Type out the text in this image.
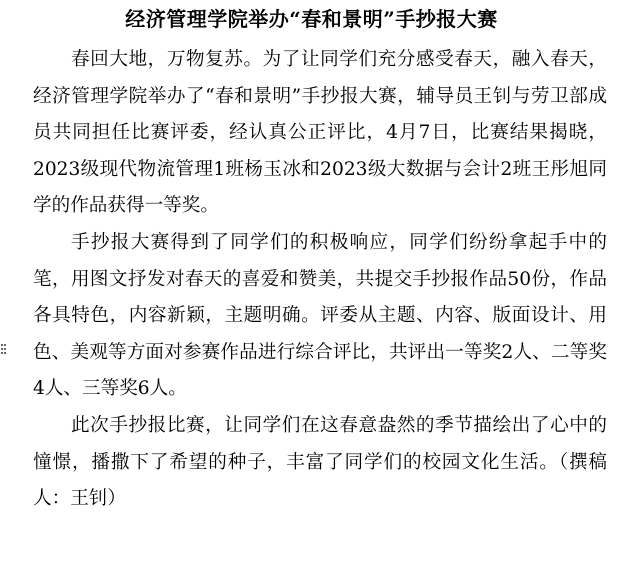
经济管理学院举办“春和景明”手抄报大赛

春回大地，万物复苏。为了让同学们充分感受春天，融入春天，经济管理学院举办了“春和景明”手抄报大赛，辅导员王钊与劳卫部成员共同担任比赛评委，经认真公正评比，4月7日，比赛结果揭晓，2023级现代物流管理1班杨玉冰和2023级大数据与会计2班王彤旭同学的作品获得一等奖。

手抄报大赛得到了同学们的积极响应，同学们纷纷拿起手中的笔，用图文抒发对春天的喜爱和赞美，共提交手抄报作品50份，作品各具特色，内容新颖，主题明确。评委从主题、内容、版面设计、用色、美观等方面对参赛作品进行综合评比，共评出一等奖2人、二等奖4人、三等奖6人。

此次手抄报比赛，让同学们在这春意盎然的季节描绘出了心中的憧憬，播撒下了希望的种子，丰富了同学们的校园文化生活。（撰稿人：王钊）
